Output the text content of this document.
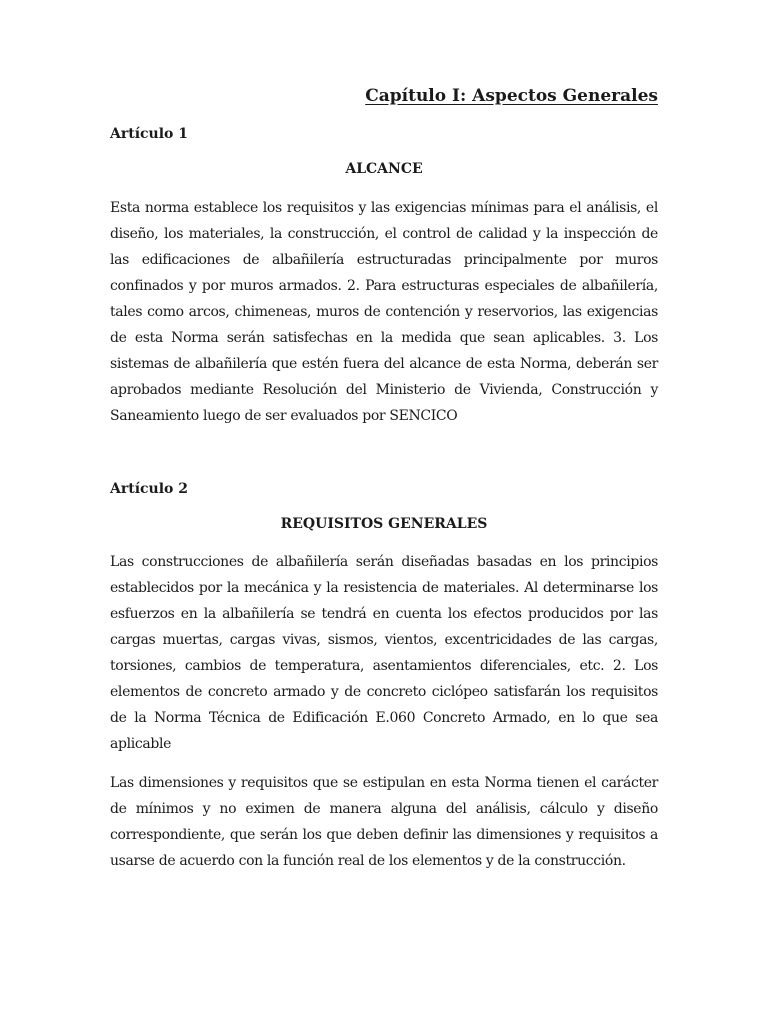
Capítulo I: Aspectos Generales

Artículo 1

ALCANCE

Esta norma establece los requisitos y las exigencias mínimas para el análisis, el diseño, los materiales, la construcción, el control de calidad y la inspección de las edificaciones de albañilería estructuradas principalmente por muros confinados y por muros armados. 2. Para estructuras especiales de albañilería, tales como arcos, chimeneas, muros de contención y reservorios, las exigencias de esta Norma serán satisfechas en la medida que sean aplicables. 3. Los sistemas de albañilería que estén fuera del alcance de esta Norma, deberán ser aprobados mediante Resolución del Ministerio de Vivienda, Construcción y Saneamiento luego de ser evaluados por SENCICO

Artículo 2

REQUISITOS GENERALES

Las construcciones de albañilería serán diseñadas basadas en los principios establecidos por la mecánica y la resistencia de materiales. Al determinarse los esfuerzos en la albañilería se tendrá en cuenta los efectos producidos por las cargas muertas, cargas vivas, sismos, vientos, excentricidades de las cargas, torsiones, cambios de temperatura, asentamientos diferenciales, etc. 2. Los elementos de concreto armado y de concreto ciclópeo satisfarán los requisitos de la Norma Técnica de Edificación E.060 Concreto Armado, en lo que sea aplicable

Las dimensiones y requisitos que se estipulan en esta Norma tienen el carácter de mínimos y no eximen de manera alguna del análisis, cálculo y diseño correspondiente, que serán los que deben definir las dimensiones y requisitos a usarse de acuerdo con la función real de los elementos y de la construcción.
